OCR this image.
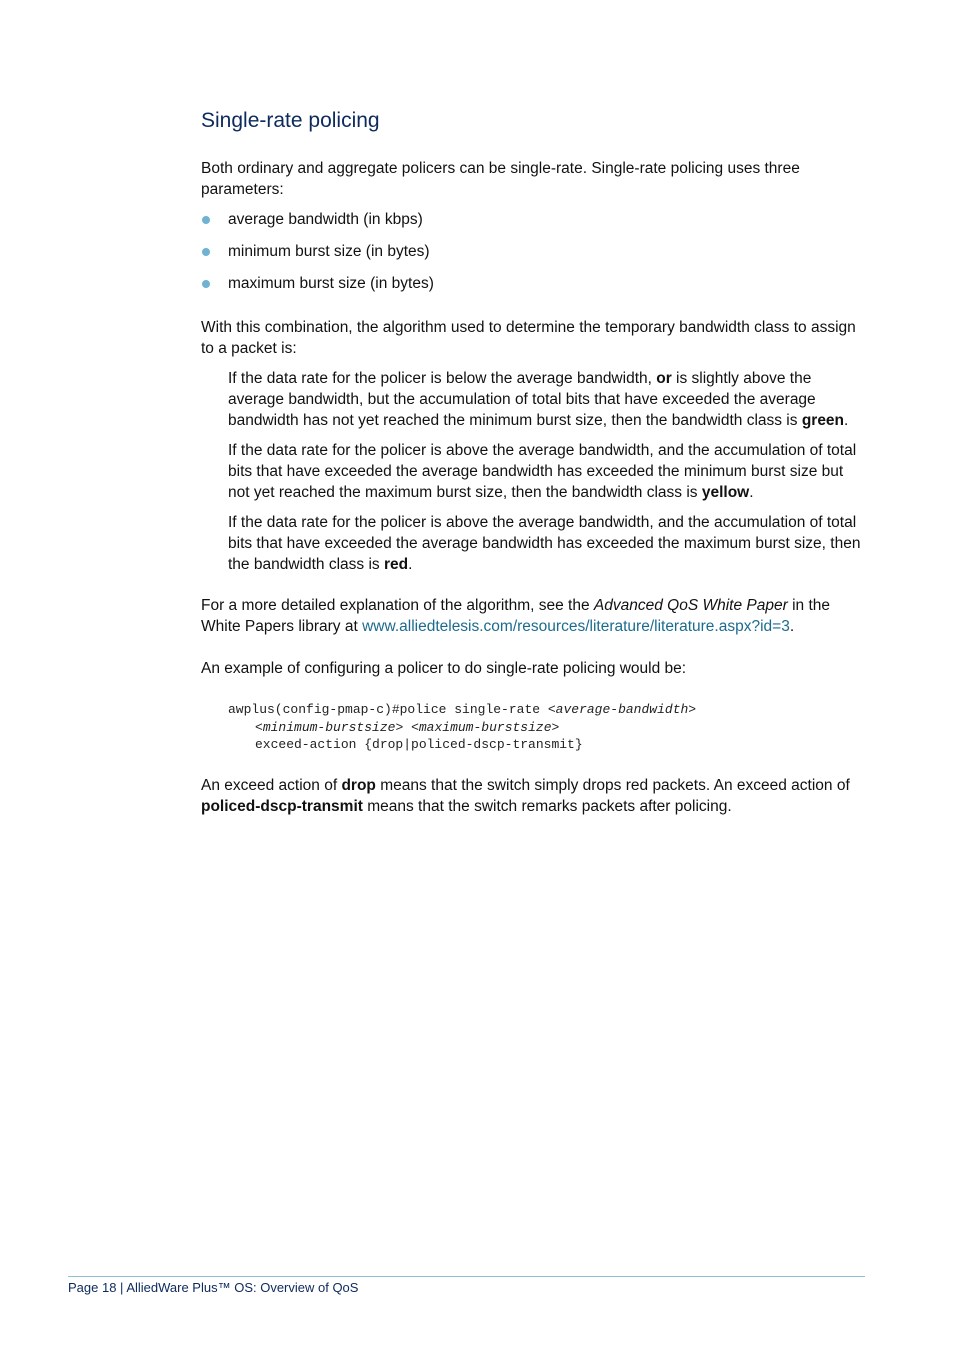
Single-rate policing

Both ordinary and aggregate policers can be single-rate. Single-rate policing uses three parameters:

average bandwidth (in kbps)
minimum burst size (in bytes)
maximum burst size (in bytes)

With this combination, the algorithm used to determine the temporary bandwidth class to assign to a packet is:

If the data rate for the policer is below the average bandwidth, or is slightly above the average bandwidth, but the accumulation of total bits that have exceeded the average bandwidth has not yet reached the minimum burst size, then the bandwidth class is green.

If the data rate for the policer is above the average bandwidth, and the accumulation of total bits that have exceeded the average bandwidth has exceeded the minimum burst size but not yet reached the maximum burst size, then the bandwidth class is yellow.

If the data rate for the policer is above the average bandwidth, and the accumulation of total bits that have exceeded the average bandwidth has exceeded the maximum burst size, then the bandwidth class is red.

For a more detailed explanation of the algorithm, see the Advanced QoS White Paper in the White Papers library at www.alliedtelesis.com/resources/literature/literature.aspx?id=3.

An example of configuring a policer to do single-rate policing would be:

awplus(config-pmap-c)#police single-rate <average-bandwidth>
<minimum-burstsize> <maximum-burstsize>
exceed-action {drop|policed-dscp-transmit}

An exceed action of drop means that the switch simply drops red packets. An exceed action of policed-dscp-transmit means that the switch remarks packets after policing.

Page 18 | AlliedWare Plus™ OS: Overview of QoS
